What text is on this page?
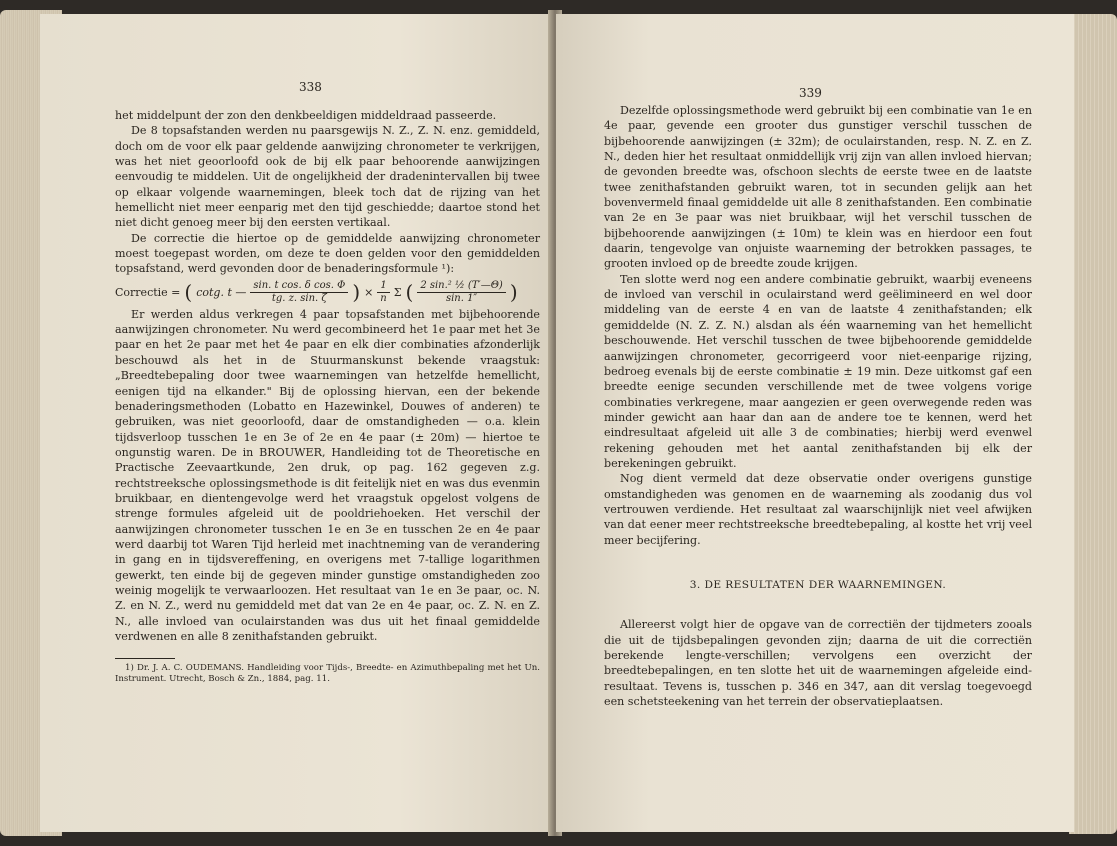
338

het middelpunt der zon den denkbeeldigen middeldraad passeerde.

De 8 topsafstanden werden nu paarsgewijs N. Z., Z. N. enz. gemiddeld, doch om de voor elk paar geldende aanwijzing chronometer te verkrijgen, was het niet geoorloofd ook de bij elk paar behoorende aanwijzingen eenvoudig te middelen. Uit de ongelijkheid der dradenintervallen bij twee op elkaar volgende waarnemingen, bleek toch dat de rijzing van het hemellicht niet meer eenparig met den tijd geschiedde; daartoe stond het niet dicht genoeg meer bij den eersten vertikaal.

De correctie die hiertoe op de gemiddelde aanwijzing chronometer moest toegepast worden, om deze te doen gelden voor den gemiddelden topsafstand, werd gevonden door de benaderingsformule ¹):

Correctie = ( cotg. t — $\frac{\text{sin. t cos. δ cos. Φ}}{tg. z. \sin. \zeta}$ ) × $\frac{1}{n}$ Σ ( $\frac{\text{2 sin.² ½ (T′—Θ)}}{\sin. 1''}$ )

Er werden aldus verkregen 4 paar topsafstanden met bijbehoorende aanwijzingen chronometer. Nu werd gecombineerd het 1e paar met het 3e paar en het 2e paar met het 4e paar en elk dier combinaties afzonderlijk beschouwd als het in de Stuurmanskunst bekende vraagstuk: „Breedtebepaling door twee waarnemingen van hetzelfde hemellicht, eenigen tijd na elkander." Bij de oplossing hiervan, een der bekende benaderingsmethoden (Lobatto en Hazewinkel, Douwes of anderen) te gebruiken, was niet geoorloofd, daar de omstandigheden — o.a. klein tijdsverloop tusschen 1e en 3e of 2e en 4e paar (± 20m) — hiertoe te ongunstig waren. De in BROUWER, Handleiding tot de Theoretische en Practische Zeevaartkunde, 2en druk, op pag. 162 gegeven z.g. rechtstreeksche oplossingsmethode is dit feitelijk niet en was dus evenmin bruikbaar, en dientengevolge werd het vraagstuk opgelost volgens de strenge formules afgeleid uit de pooldriehoeken. Het verschil der aanwijzingen chronometer tusschen 1e en 3e en tusschen 2e en 4e paar werd daarbij tot Waren Tijd herleid met inachtneming van de verandering in gang en in tijdsvereffening, en overigens met 7-tallige logarithmen gewerkt, ten einde bij de gegeven minder gunstige omstandigheden zoo weinig mogelijk te verwaarloozen. Het resultaat van 1e en 3e paar, oc. N. Z. en N. Z., werd nu gemiddeld met dat van 2e en 4e paar, oc. Z. N. en Z. N., alle invloed van oculairstanden was dus uit het finaal gemiddelde verdwenen en alle 8 zenithafstanden gebruikt.

1) Dr. J. A. C. OUDEMANS. Handleiding voor Tijds-, Breedte- en Azimuthbepaling met het Un. Instrument. Utrecht, Bosch & Zn., 1884, pag. 11.

339

Dezelfde oplossingsmethode werd gebruikt bij een combinatie van 1e en 4e paar, gevende een grooter dus gunstiger verschil tusschen de bijbehoorende aanwijzingen (± 32m); de oculairstanden, resp. N. Z. en Z. N., deden hier het resultaat onmiddellijk vrij zijn van allen invloed hiervan; de gevonden breedte was, ofschoon slechts de eerste twee en de laatste twee zenithafstanden gebruikt waren, tot in secunden gelijk aan het bovenvermeld finaal gemiddelde uit alle 8 zenithafstanden. Een combinatie van 2e en 3e paar was niet bruikbaar, wijl het verschil tusschen de bijbehoorende aanwijzingen (± 10m) te klein was en hierdoor een fout daarin, tengevolge van onjuiste waarneming der betrokken passages, te grooten invloed op de breedte zoude krijgen.

Ten slotte werd nog een andere combinatie gebruikt, waarbij eveneens de invloed van verschil in oculairstand werd geëlimineerd en wel door middeling van de eerste 4 en van de laatste 4 zenithafstanden; elk gemiddelde (N. Z. Z. N.) alsdan als één waarneming van het hemellicht beschouwende. Het verschil tusschen de twee bijbehoorende gemiddelde aanwijzingen chronometer, gecorrigeerd voor niet-eenparige rijzing, bedroeg evenals bij de eerste combinatie ± 19 min. Deze uitkomst gaf een breedte eenige secunden verschillende met de twee volgens vorige combinaties verkregene, maar aangezien er geen overwegende reden was minder gewicht aan haar dan aan de andere toe te kennen, werd het eindresultaat afgeleid uit alle 3 de combinaties; hierbij werd evenwel rekening gehouden met het aantal zenithafstanden bij elk der berekeningen gebruikt.

Nog dient vermeld dat deze observatie onder overigens gunstige omstandigheden was genomen en de waarneming als zoodanig dus vol vertrouwen verdiende. Het resultaat zal waarschijnlijk niet veel afwijken van dat eener meer rechtstreeksche breedtebepaling, al kostte het vrij veel meer becijfering.

3. DE RESULTATEN DER WAARNEMINGEN.

Allereerst volgt hier de opgave van de correctiën der tijdmeters zooals die uit de tijdsbepalingen gevonden zijn; daarna de uit die correctiën berekende lengte-verschillen; vervolgens een overzicht der breedtebepalingen, en ten slotte het uit de waarnemingen afgeleide eind-resultaat. Tevens is, tusschen p. 346 en 347, aan dit verslag toegevoegd een schetsteekening van het terrein der observatieplaatsen.
